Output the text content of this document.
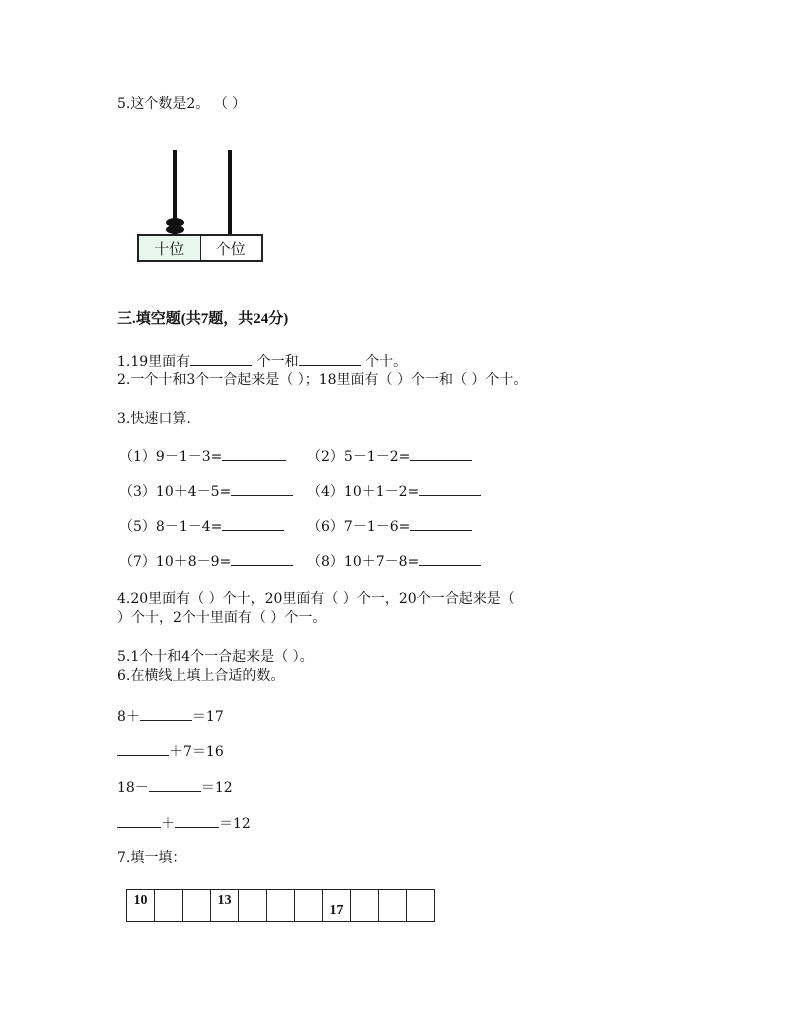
5.这个数是2。 （ ）
十位	个位
三.填空题(共7题，共24分)
1.19里面有	个一和	个十。
2.一个十和3个一合起来是（ ）；18里面有（ ）个一和（ ）个十。
3.快速口算.
（1）9－1－3=	（2）5－1－2=
（3）10＋4－5=	（4）10＋1－2=
（5）8－1－4=	（6）7－1－6=
（7）10＋8－9=	（8）10＋7－8=
4.20里面有（ ）个十，20里面有（ ）个一，20个一合起来是（
）个十，2个十里面有（ ）个一。
5.1个十和4个一合起来是（ ）。
6.在横线上填上合适的数。
8＋	＝17
＋7＝16
18－	＝12
＋	＝12
7.填一填：
10			13				17			
